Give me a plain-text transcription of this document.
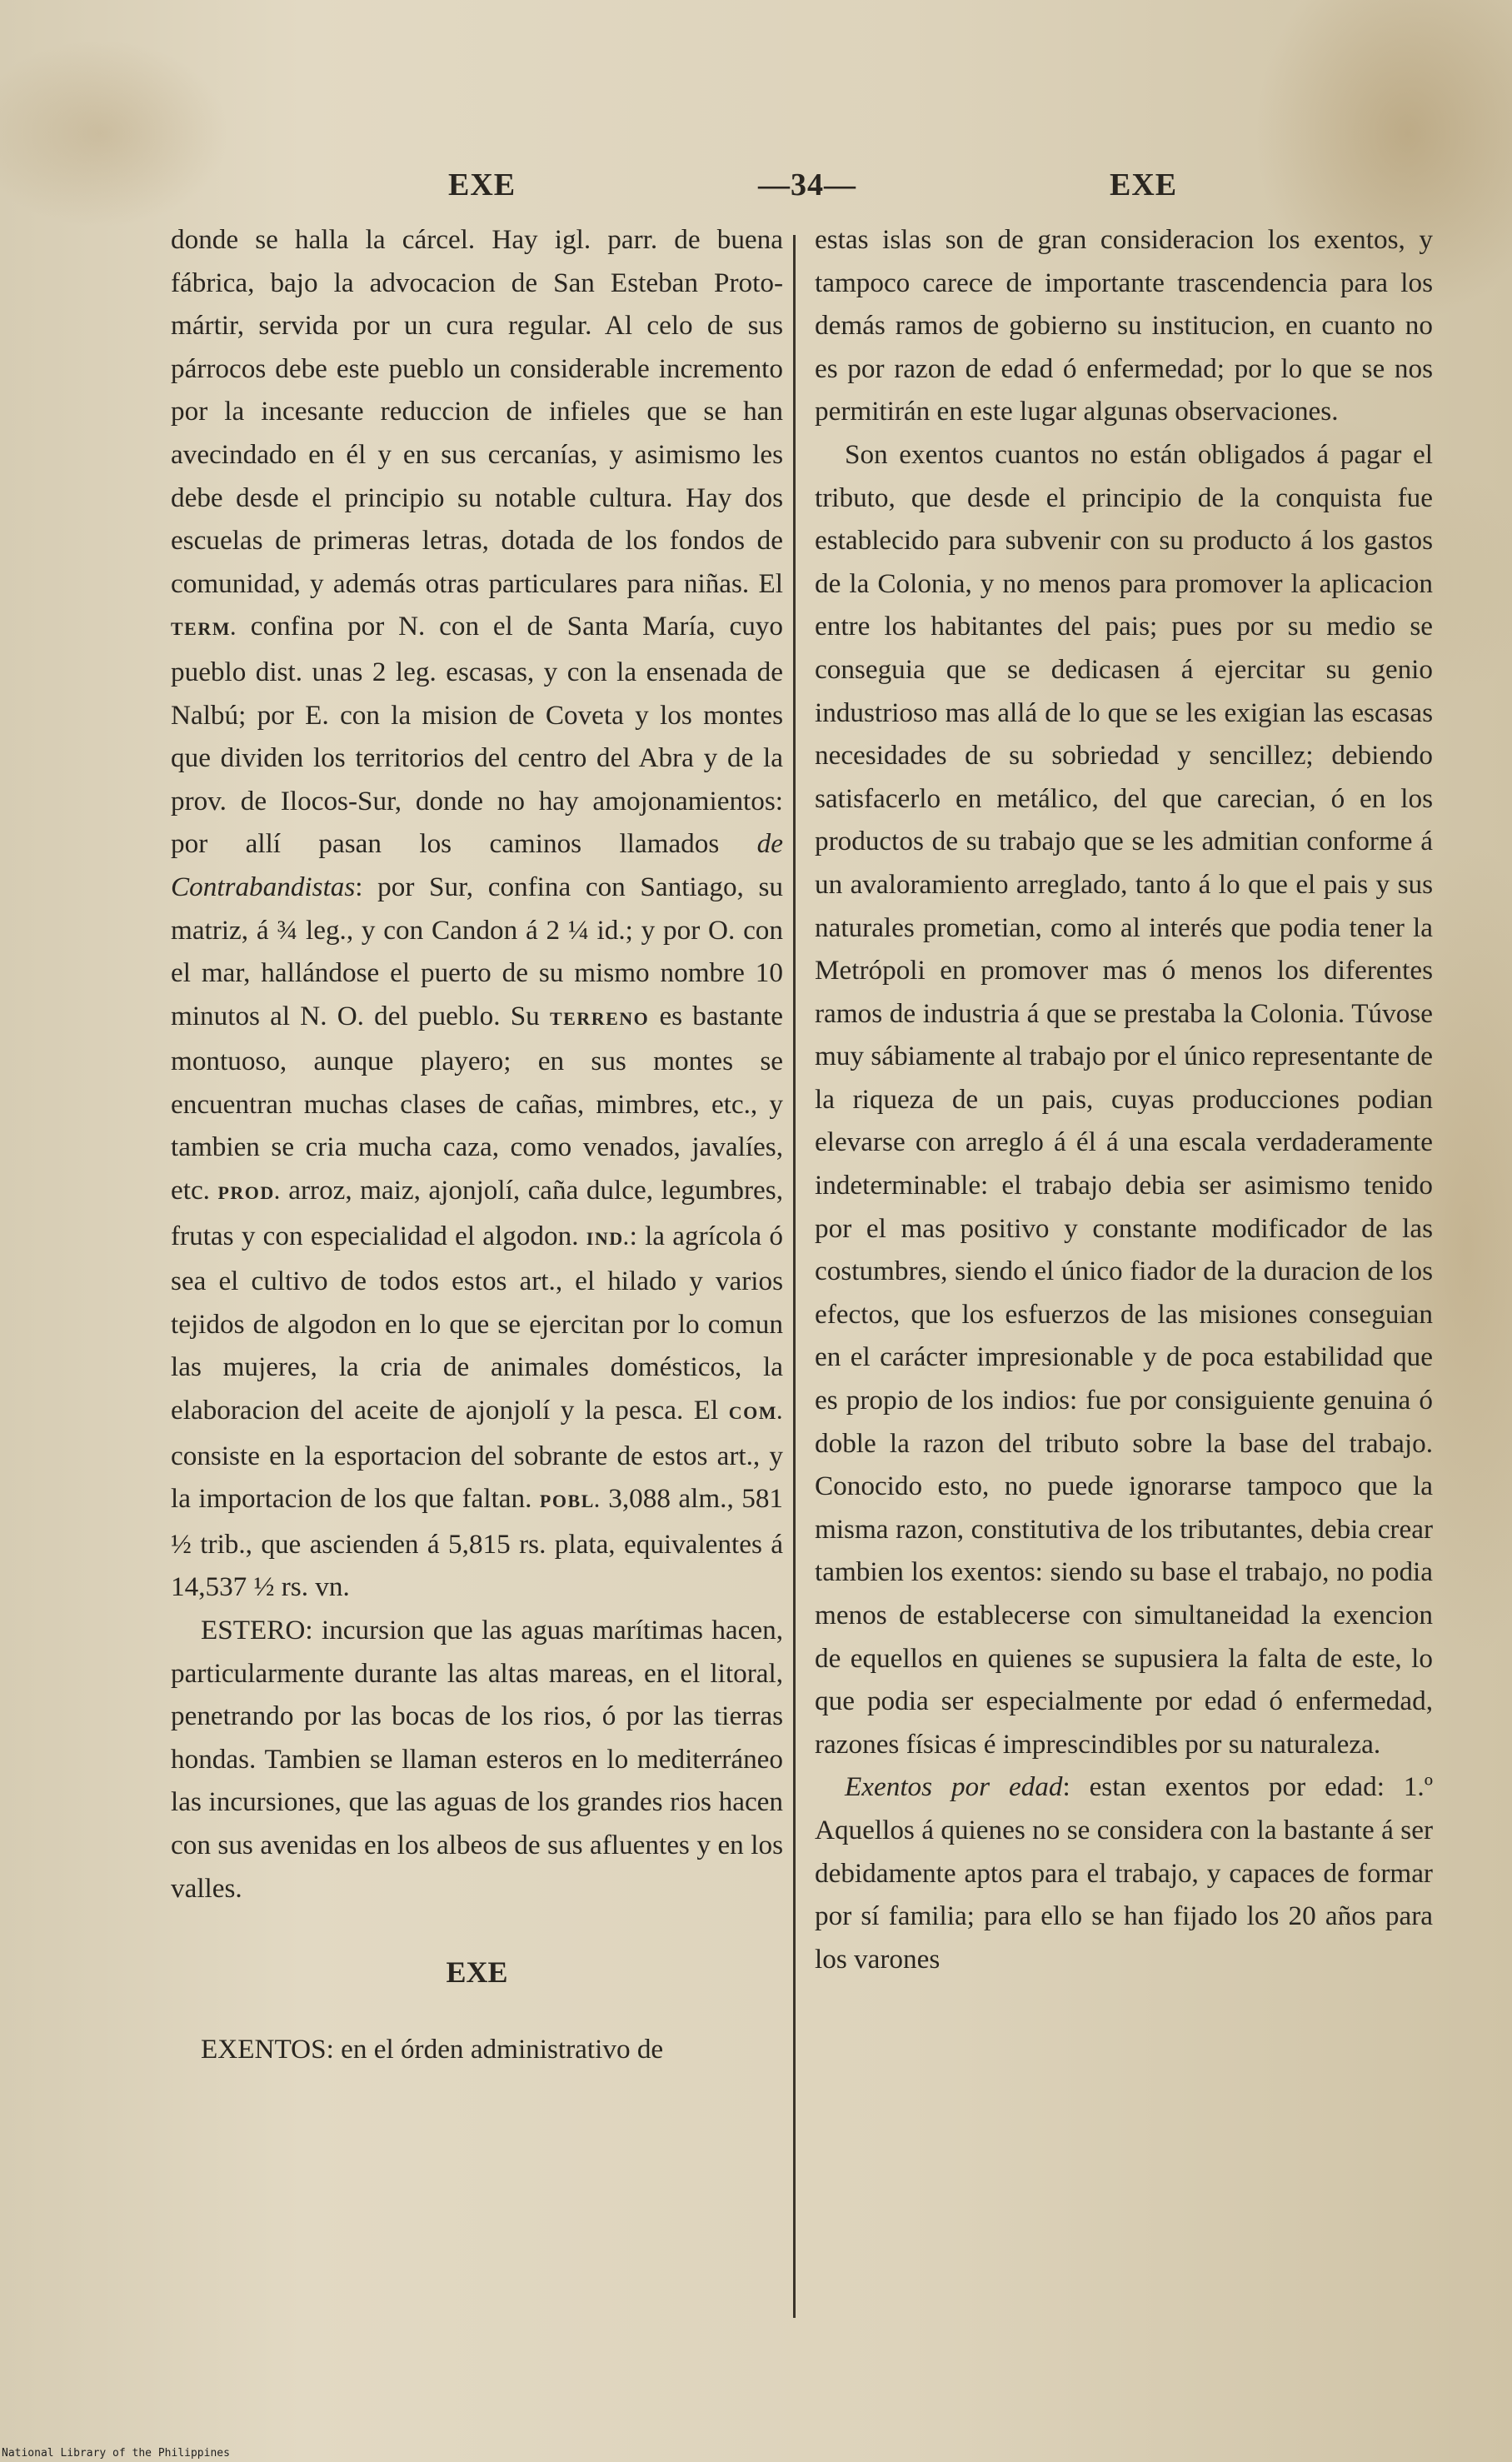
EXE	—34—	EXE

donde se halla la cárcel. Hay igl. parr. de buena fábrica, bajo la advocacion de San Esteban Proto-mártir, servida por un cura regular. Al celo de sus párrocos debe este pueblo un considerable incremento por la incesante reduccion de infieles que se han avecindado en él y en sus cercanías, y asimismo les debe desde el principio su notable cultura. Hay dos escuelas de primeras letras, dotada de los fondos de comunidad, y además otras particulares para niñas. El TERM. confina por N. con el de Santa María, cuyo pueblo dist. unas 2 leg. escasas, y con la ensenada de Nalbú; por E. con la mision de Coveta y los montes que dividen los territorios del centro del Abra y de la prov. de Ilocos-Sur, donde no hay amojonamientos: por allí pasan los caminos llamados de Contrabandistas: por Sur, confina con Santiago, su matriz, á ¾ leg., y con Candon á 2 ¼ id.; y por O. con el mar, hallándose el puerto de su mismo nombre 10 minutos al N. O. del pueblo. Su TERRENO es bastante montuoso, aunque playero; en sus montes se encuentran muchas clases de cañas, mimbres, etc., y tambien se cria mucha caza, como venados, javalíes, etc. PROD. arroz, maiz, ajonjolí, caña dulce, legumbres, frutas y con especialidad el algodon. IND.: la agrícola ó sea el cultivo de todos estos art., el hilado y varios tejidos de algodon en lo que se ejercitan por lo comun las mujeres, la cria de animales domésticos, la elaboracion del aceite de ajonjolí y la pesca. El COM. consiste en la esportacion del sobrante de estos art., y la importacion de los que faltan. POBL. 3,088 alm., 581 ½ trib., que ascienden á 5,815 rs. plata, equivalentes á 14,537 ½ rs. vn.

ESTERO: incursion que las aguas marítimas hacen, particularmente durante las altas mareas, en el litoral, penetrando por las bocas de los rios, ó por las tierras hondas. Tambien se llaman esteros en lo mediterráneo las incursiones, que las aguas de los grandes rios hacen con sus avenidas en los albeos de sus afluentes y en los valles.

EXE

EXENTOS: en el órden administrativo de

estas islas son de gran consideracion los exentos, y tampoco carece de importante trascendencia para los demás ramos de gobierno su institucion, en cuanto no es por razon de edad ó enfermedad; por lo que se nos permitirán en este lugar algunas observaciones.

Son exentos cuantos no están obligados á pagar el tributo, que desde el principio de la conquista fue establecido para subvenir con su producto á los gastos de la Colonia, y no menos para promover la aplicacion entre los habitantes del pais; pues por su medio se conseguia que se dedicasen á ejercitar su genio industrioso mas allá de lo que se les exigian las escasas necesidades de su sobriedad y sencillez; debiendo satisfacerlo en metálico, del que carecian, ó en los productos de su trabajo que se les admitian conforme á un avaloramiento arreglado, tanto á lo que el pais y sus naturales prometian, como al interés que podia tener la Metrópoli en promover mas ó menos los diferentes ramos de industria á que se prestaba la Colonia. Túvose muy sábiamente al trabajo por el único representante de la riqueza de un pais, cuyas producciones podian elevarse con arreglo á él á una escala verdaderamente indeterminable: el trabajo debia ser asimismo tenido por el mas positivo y constante modificador de las costumbres, siendo el único fiador de la duracion de los efectos, que los esfuerzos de las misiones conseguian en el carácter impresionable y de poca estabilidad que es propio de los indios: fue por consiguiente genuina ó doble la razon del tributo sobre la base del trabajo. Conocido esto, no puede ignorarse tampoco que la misma razon, constitutiva de los tributantes, debia crear tambien los exentos: siendo su base el trabajo, no podia menos de establecerse con simultaneidad la exencion de equellos en quienes se supusiera la falta de este, lo que podia ser especialmente por edad ó enfermedad, razones físicas é imprescindibles por su naturaleza.

Exentos por edad: estan exentos por edad: 1.º Aquellos á quienes no se considera con la bastante á ser debidamente aptos para el trabajo, y capaces de formar por sí familia; para ello se han fijado los 20 años para los varones

National Library of the Philippines
